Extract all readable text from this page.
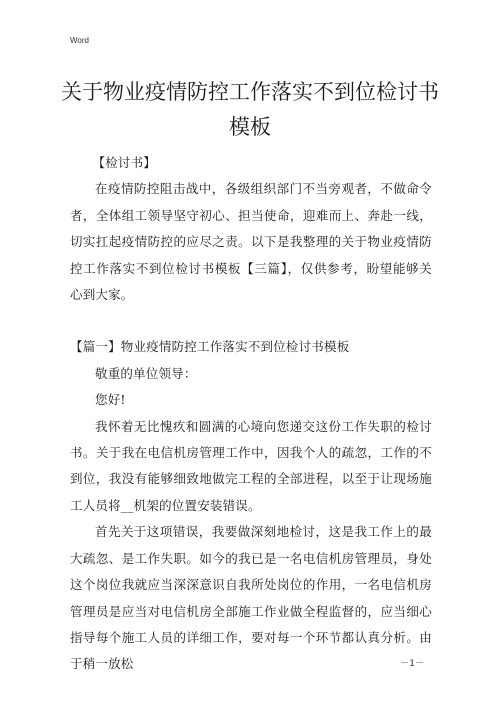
Word
关于物业疫情防控工作落实不到位检讨书模板

【检讨书】

在疫情防控阻击战中，各级组织部门不当旁观者，不做命令者，全体组工领导坚守初心、担当使命，迎难而上、奔赴一线，切实扛起疫情防控的应尽之责。以下是我整理的关于物业疫情防控工作落实不到位检讨书模板【三篇】，仅供参考，盼望能够关心到大家。

【篇一】物业疫情防控工作落实不到位检讨书模板

敬重的单位领导：

您好!

我怀着无比愧疚和圆满的心境向您递交这份工作失职的检讨书。关于我在电信机房管理工作中，因我个人的疏忽，工作的不到位，我没有能够细致地做完工程的全部进程，以至于让现场施工人员将__机架的位置安装错误。

首先关于这项错误，我要做深刻地检讨，这是我工作上的最大疏忽、是工作失职。如今的我已是一名电信机房管理员，身处这个岗位我就应当深深意识自我所处岗位的作用，一名电信机房管理员是应当对电信机房全部施工作业做全程监督的，应当细心指导每个施工人员的详细工作，要对每一个环节都认真分析。由于稍一放松	－1－
